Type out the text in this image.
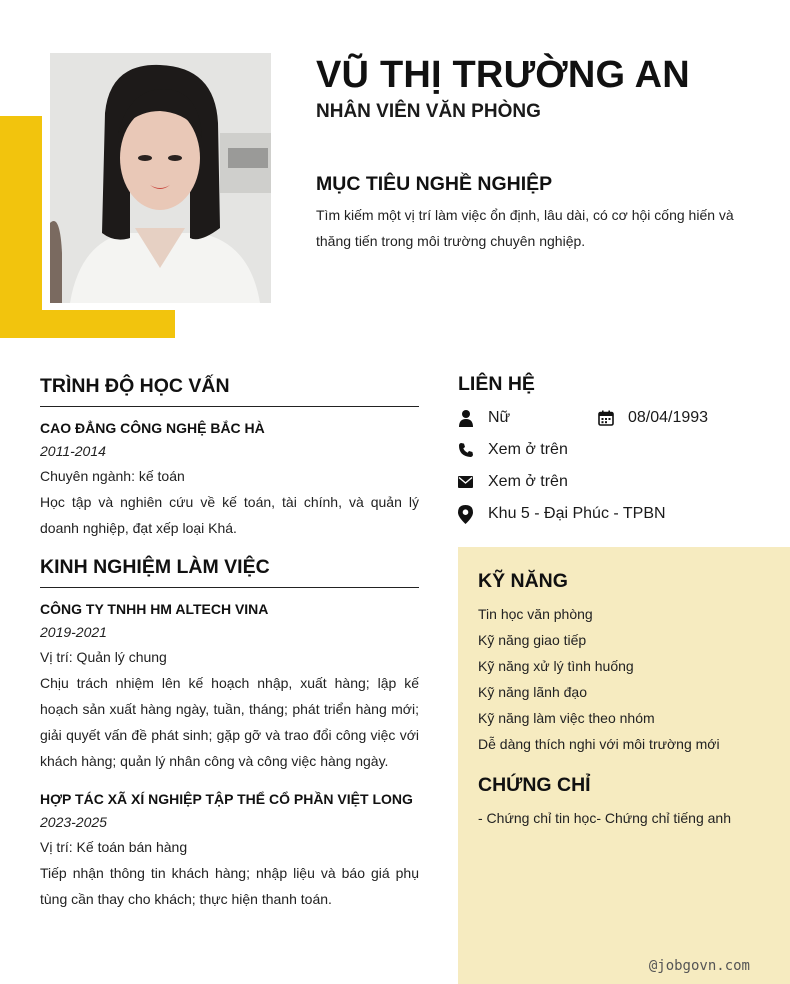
VŨ THỊ TRƯỜNG AN
NHÂN VIÊN VĂN PHÒNG
MỤC TIÊU NGHỀ NGHIỆP
Tìm kiếm một vị trí làm việc ổn định, lâu dài, có cơ hội cống hiến và thăng tiến trong môi trường chuyên nghiệp.
TRÌNH ĐỘ HỌC VẤN
CAO ĐẲNG CÔNG NGHỆ BẮC HÀ
2011-2014
Chuyên ngành: kế toán
Học tập và nghiên cứu về kế toán, tài chính, và quản lý doanh nghiệp, đạt xếp loại Khá.
KINH NGHIỆM LÀM VIỆC
CÔNG TY TNHH HM ALTECH VINA
2019-2021
Vị trí: Quản lý chung
Chịu trách nhiệm lên kế hoạch nhập, xuất hàng; lập kế hoạch sản xuất hàng ngày, tuần, tháng; phát triển hàng mới; giải quyết vấn đề phát sinh; gặp gỡ và trao đổi công việc với khách hàng; quản lý nhân công và công việc hàng ngày.
HỢP TÁC XÃ XÍ NGHIỆP TẬP THỂ CỔ PHẦN VIỆT LONG
2023-2025
Vị trí: Kế toán bán hàng
Tiếp nhận thông tin khách hàng; nhập liệu và báo giá phụ tùng cần thay cho khách; thực hiện thanh toán.
LIÊN HỆ
Nữ	08/04/1993
Xem ở trên
Xem ở trên
Khu 5 - Đại Phúc - TPBN
KỸ NĂNG
Tin học văn phòng
Kỹ năng giao tiếp
Kỹ năng xử lý tình huống
Kỹ năng lãnh đạo
Kỹ năng làm việc theo nhóm
Dễ dàng thích nghi với môi trường mới
CHỨNG CHỈ
- Chứng chỉ tin học- Chứng chỉ tiếng anh
@jobgovn.com
